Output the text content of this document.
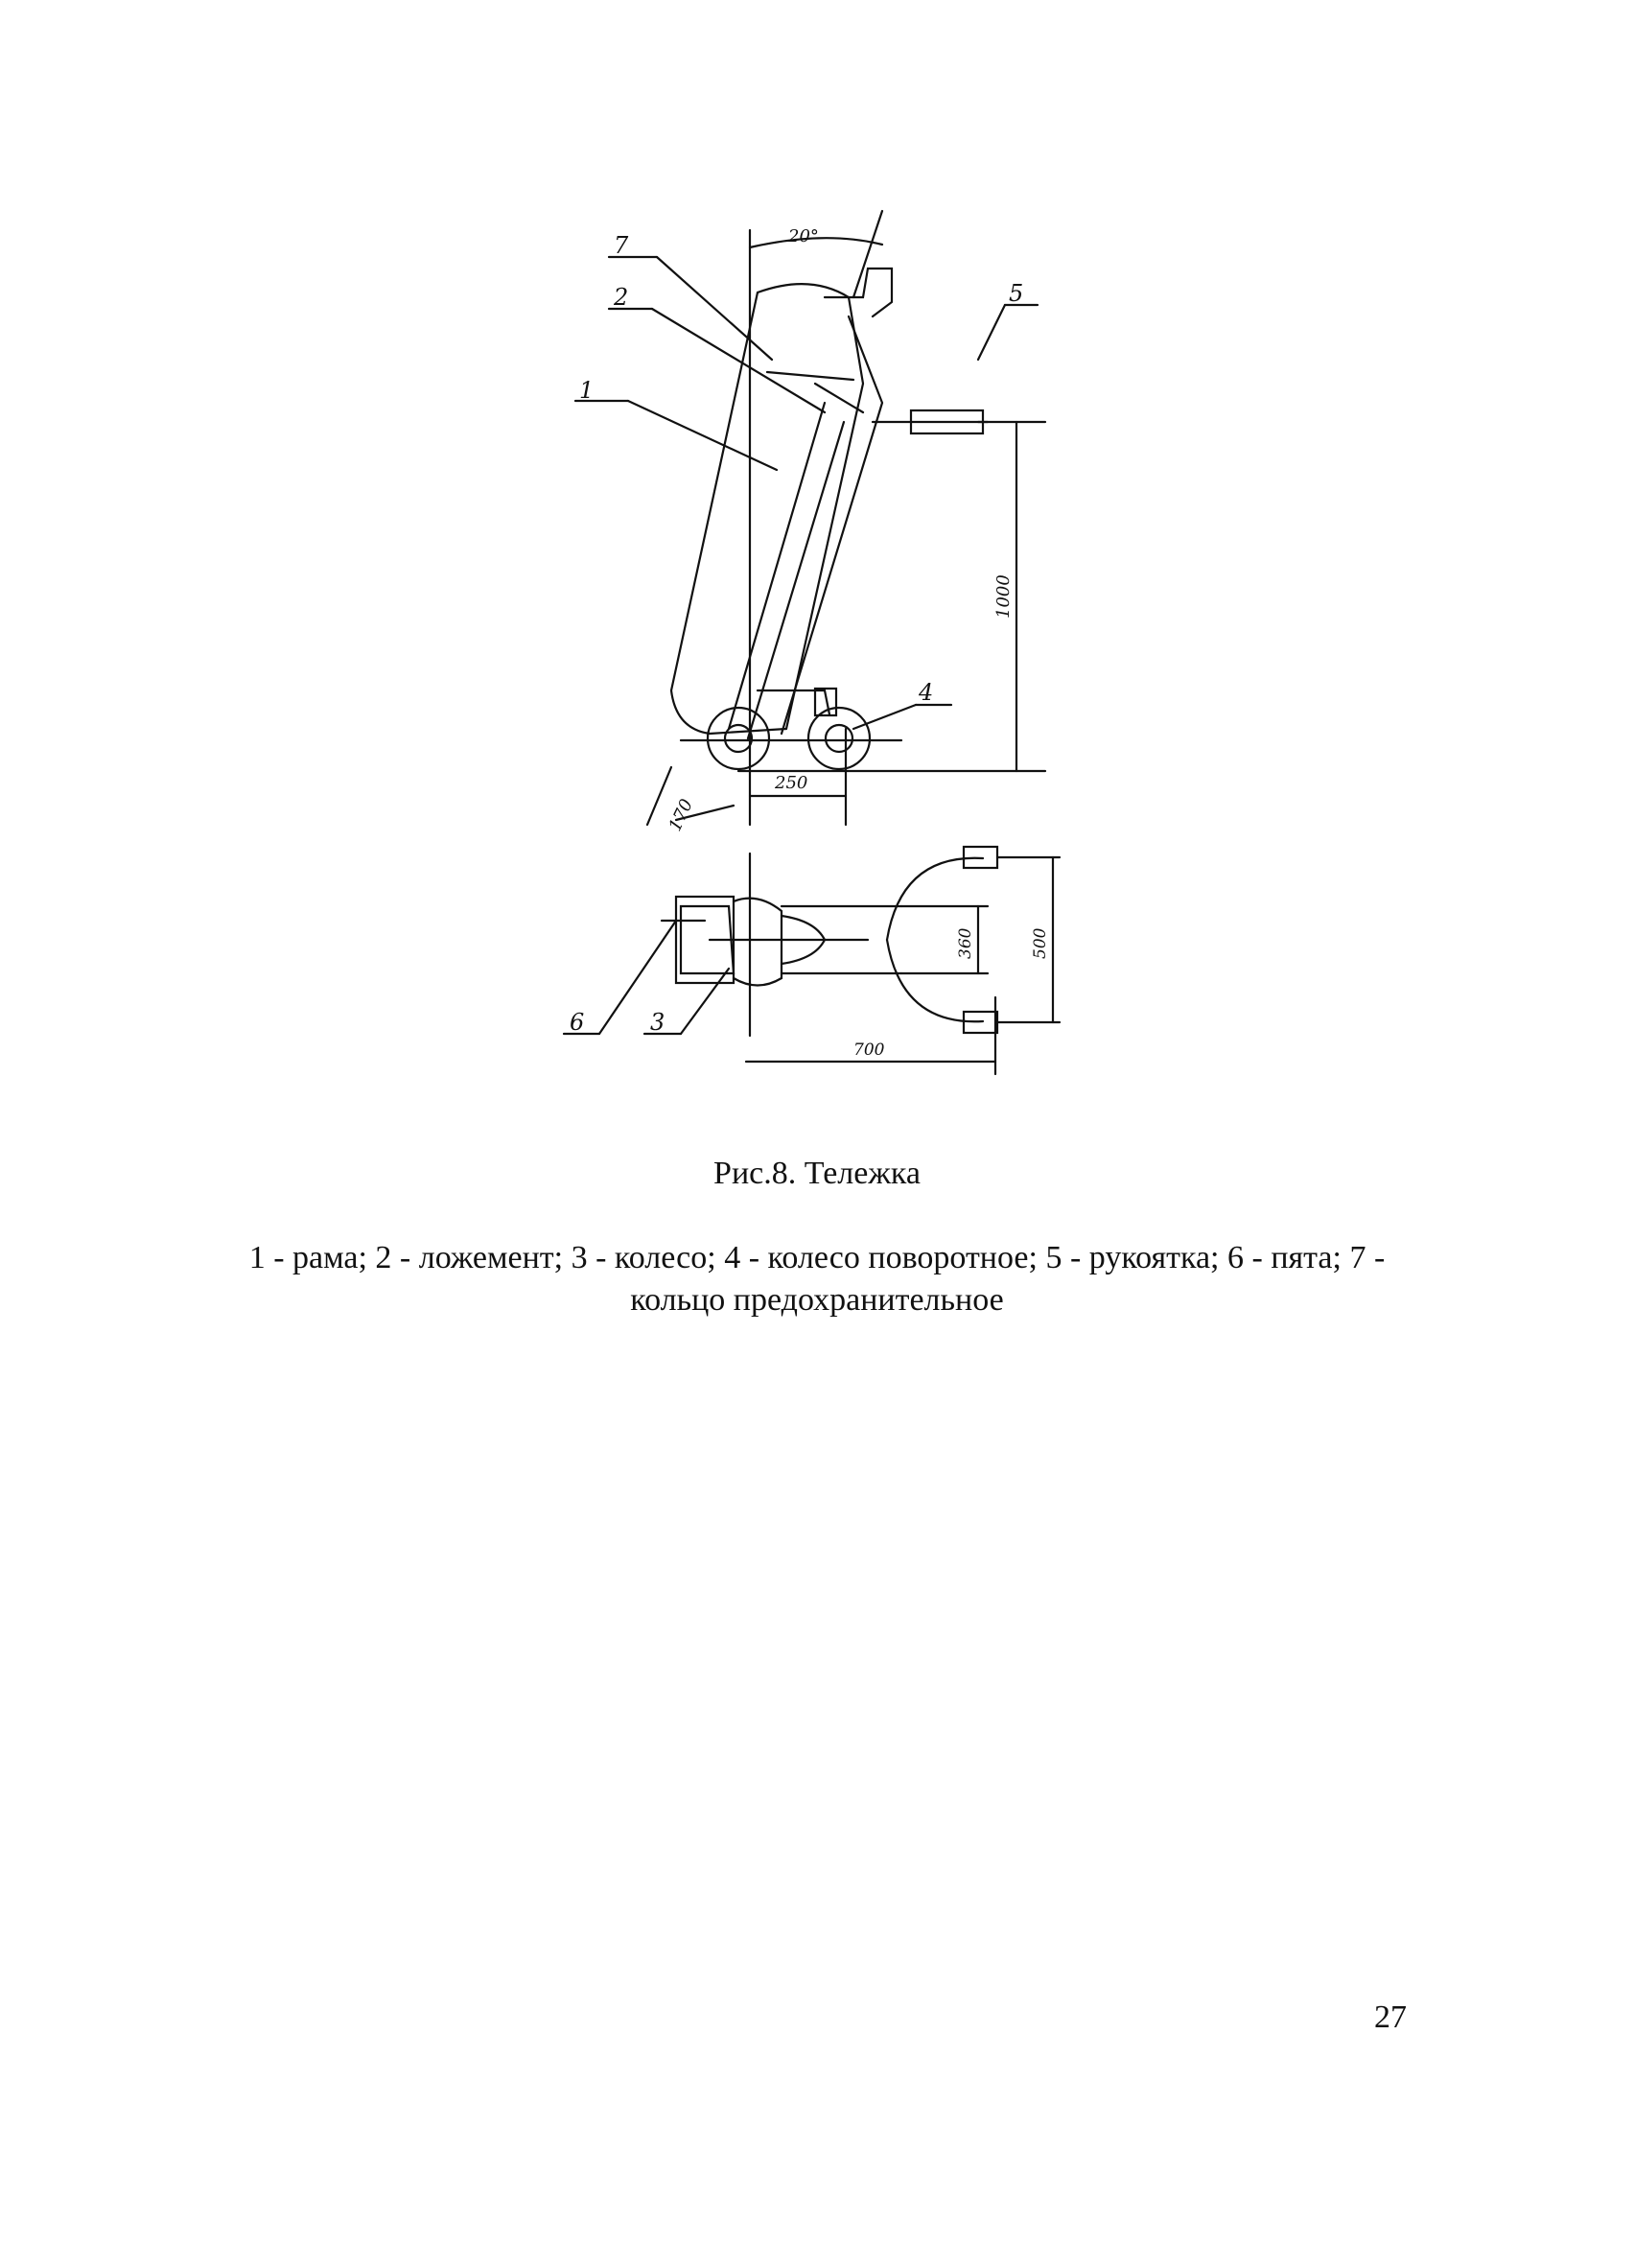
1
2	5
7
4
20°
1000
170
250
6	3
360	500
700
Рис.8. Тележка
1 - рама; 2 - ложемент; 3 - колесо; 4 - колесо поворотное; 5 - рукоятка; 6 - пята; 7 - кольцо предохранительное
27
